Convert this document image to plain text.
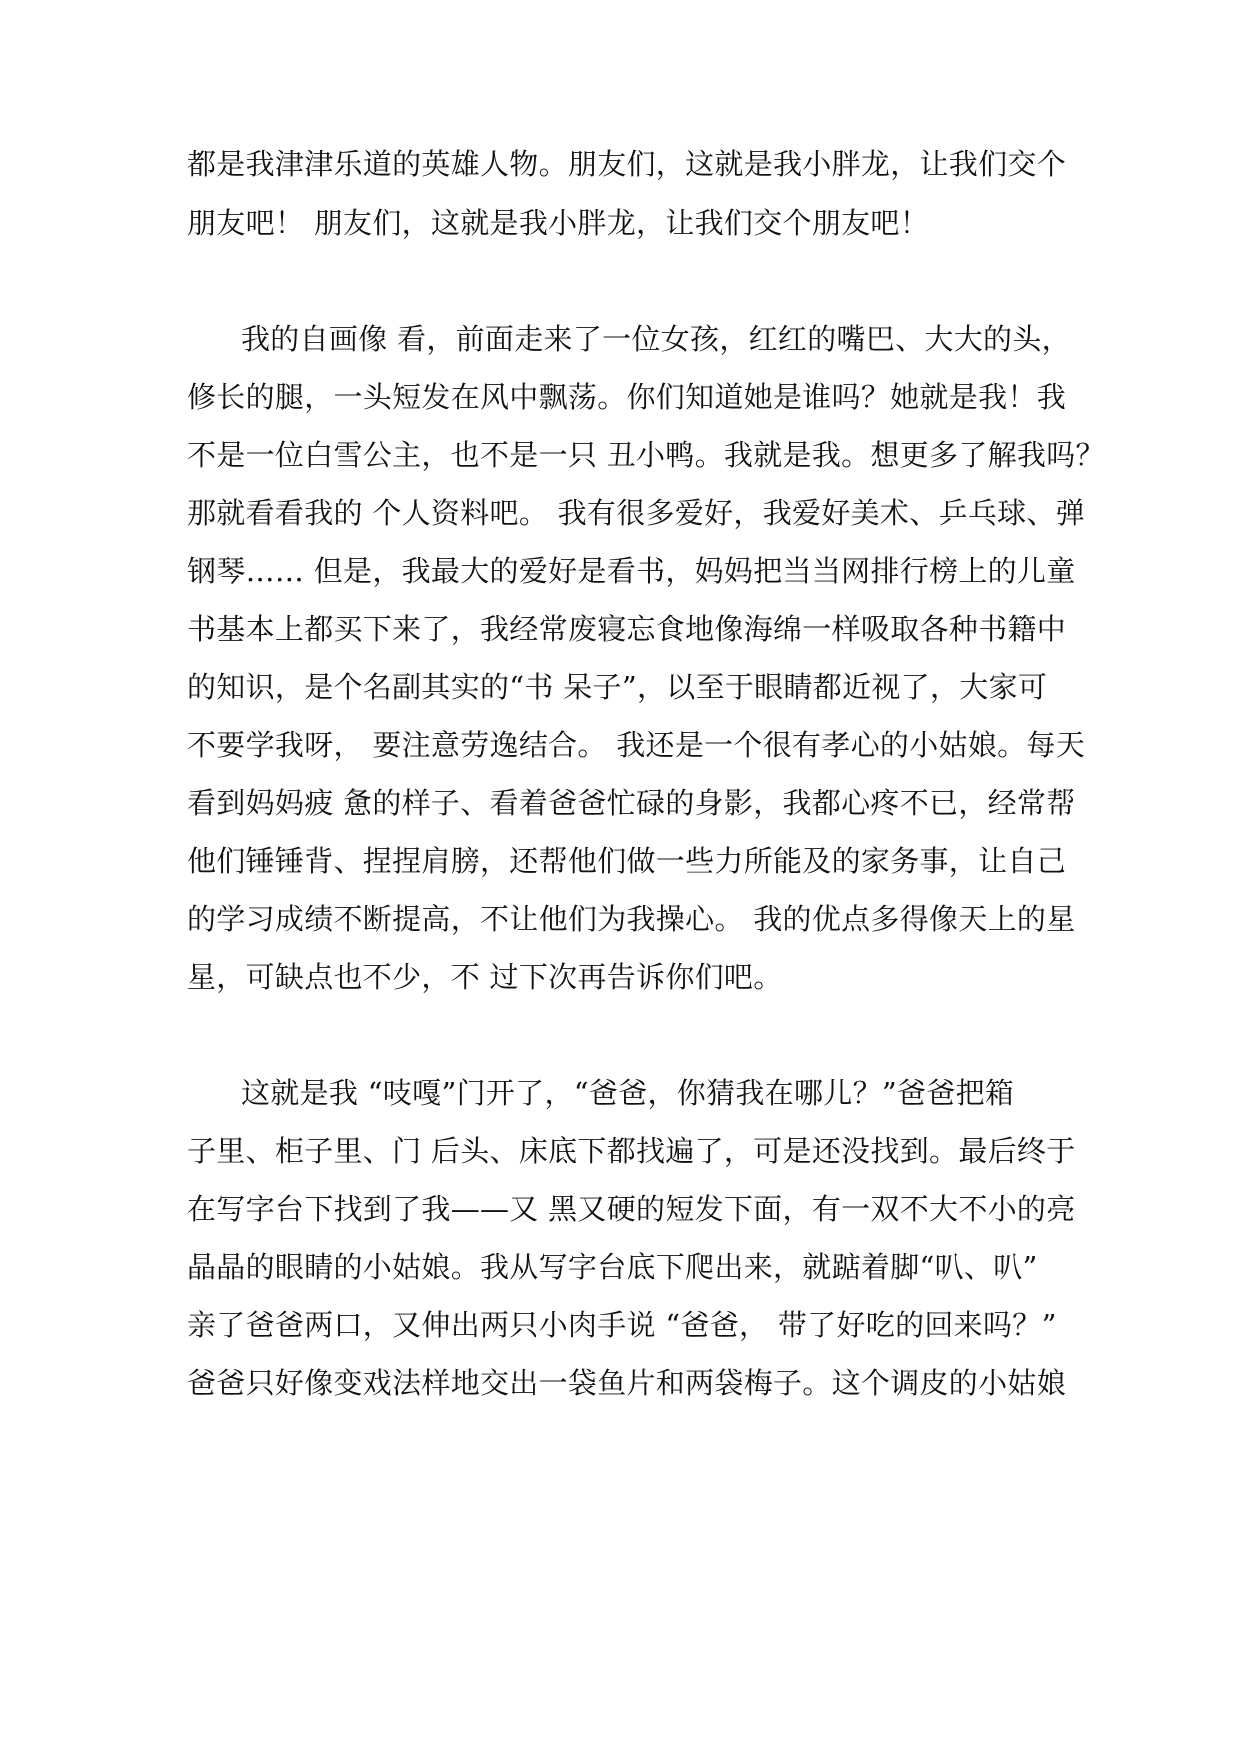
都是我津津乐道的英雄人物。朋友们，这就是我小胖龙，让我们交个
朋友吧！ 朋友们，这就是我小胖龙，让我们交个朋友吧！
我的自画像 看，前面走来了一位女孩，红红的嘴巴、大大的头，
修长的腿，一头短发在风中飘荡。你们知道她是谁吗？她就是我！我
不是一位白雪公主，也不是一只 丑小鸭。我就是我。想更多了解我吗？
那就看看我的 个人资料吧。 我有很多爱好，我爱好美术、乒乓球、弹
钢琴…… 但是，我最大的爱好是看书，妈妈把当当网排行榜上的儿童
书基本上都买下来了，我经常废寝忘食地像海绵一样吸取各种书籍中
的知识，是个名副其实的“书 呆子”，以至于眼睛都近视了，大家可
不要学我呀， 要注意劳逸结合。 我还是一个很有孝心的小姑娘。每天
看到妈妈疲 惫的样子、看着爸爸忙碌的身影，我都心疼不已，经常帮
他们锤锤背、捏捏肩膀，还帮他们做一些力所能及的家务事，让自己
的学习成绩不断提高，不让他们为我操心。 我的优点多得像天上的星
星，可缺点也不少，不 过下次再告诉你们吧。
这就是我 “吱嘎”门开了，“爸爸，你猜我在哪儿？”爸爸把箱
子里、柜子里、门 后头、床底下都找遍了，可是还没找到。最后终于
在写字台下找到了我——又 黑又硬的短发下面，有一双不大不小的亮
晶晶的眼睛的小姑娘。我从写字台底下爬出来，就踮着脚“叭、叭”
亲了爸爸两口，又伸出两只小肉手说 “爸爸， 带了好吃的回来吗？”
爸爸只好像变戏法样地交出一袋鱼片和两袋梅子。这个调皮的小姑娘
